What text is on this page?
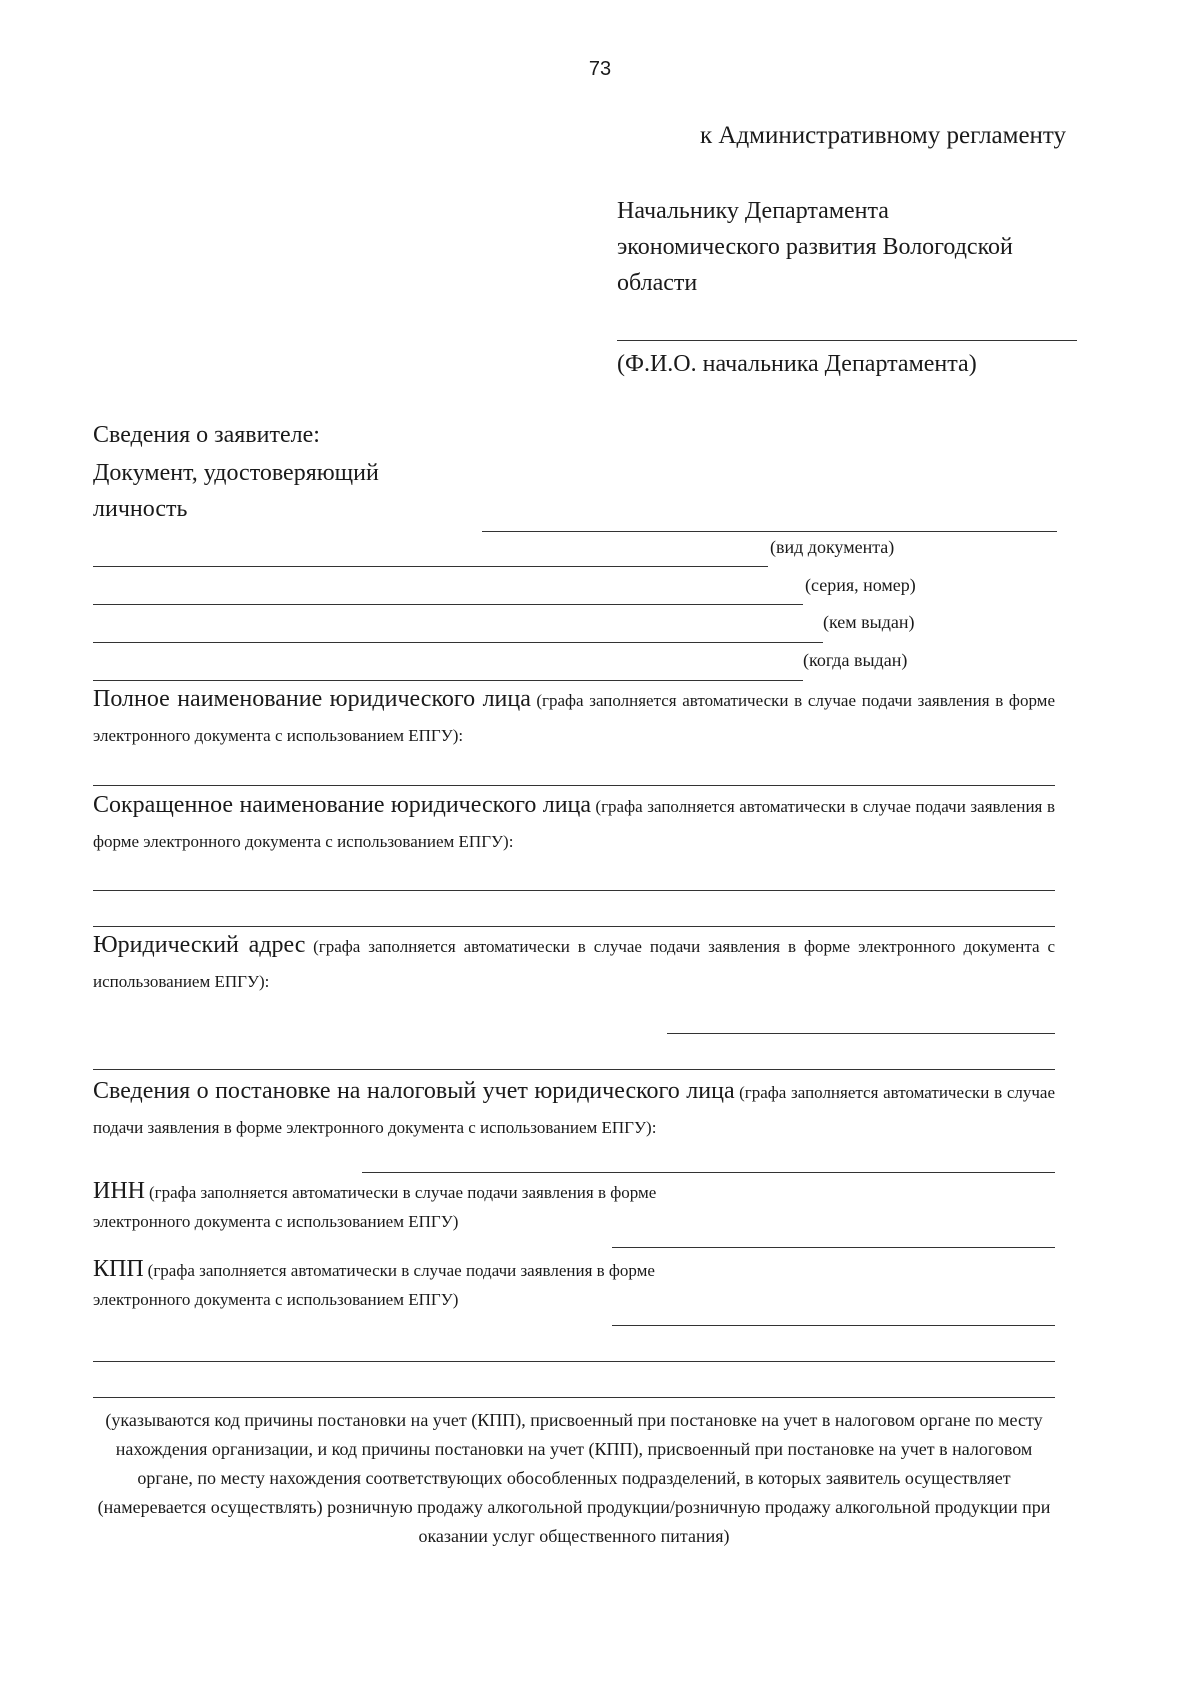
73
к Административному регламенту
Начальнику Департамента
экономического развития Вологодской
области
(Ф.И.О. начальника Департамента)
Сведения о заявителе:
Документ, удостоверяющий
личность
(вид документа)
(серия, номер)
(кем выдан)
(когда выдан)
Полное наименование юридического лица (графа заполняется автоматически в случае подачи заявления в форме электронного документа с использованием ЕПГУ):
Сокращенное наименование юридического лица (графа заполняется автоматически в случае подачи заявления в форме электронного документа с использованием ЕПГУ):
Юридический адрес (графа заполняется автоматически в случае подачи заявления в форме электронного документа с использованием ЕПГУ):
Сведения о постановке на налоговый учет юридического лица (графа заполняется автоматически в случае подачи заявления в форме электронного документа с использованием ЕПГУ):
ИНН (графа заполняется автоматически в случае подачи заявления в форме
электронного документа с использованием ЕПГУ)
КПП (графа заполняется автоматически в случае подачи заявления в форме
электронного документа с использованием ЕПГУ)
(указываются код причины постановки на учет (КПП), присвоенный при постановке на учет в налоговом органе по месту нахождения организации, и код причины постановки на учет (КПП), присвоенный при постановке на учет в налоговом органе, по месту нахождения соответствующих обособленных подразделений, в которых заявитель осуществляет (намеревается осуществлять) розничную продажу алкогольной продукции/розничную продажу алкогольной продукции при оказании услуг общественного питания)
